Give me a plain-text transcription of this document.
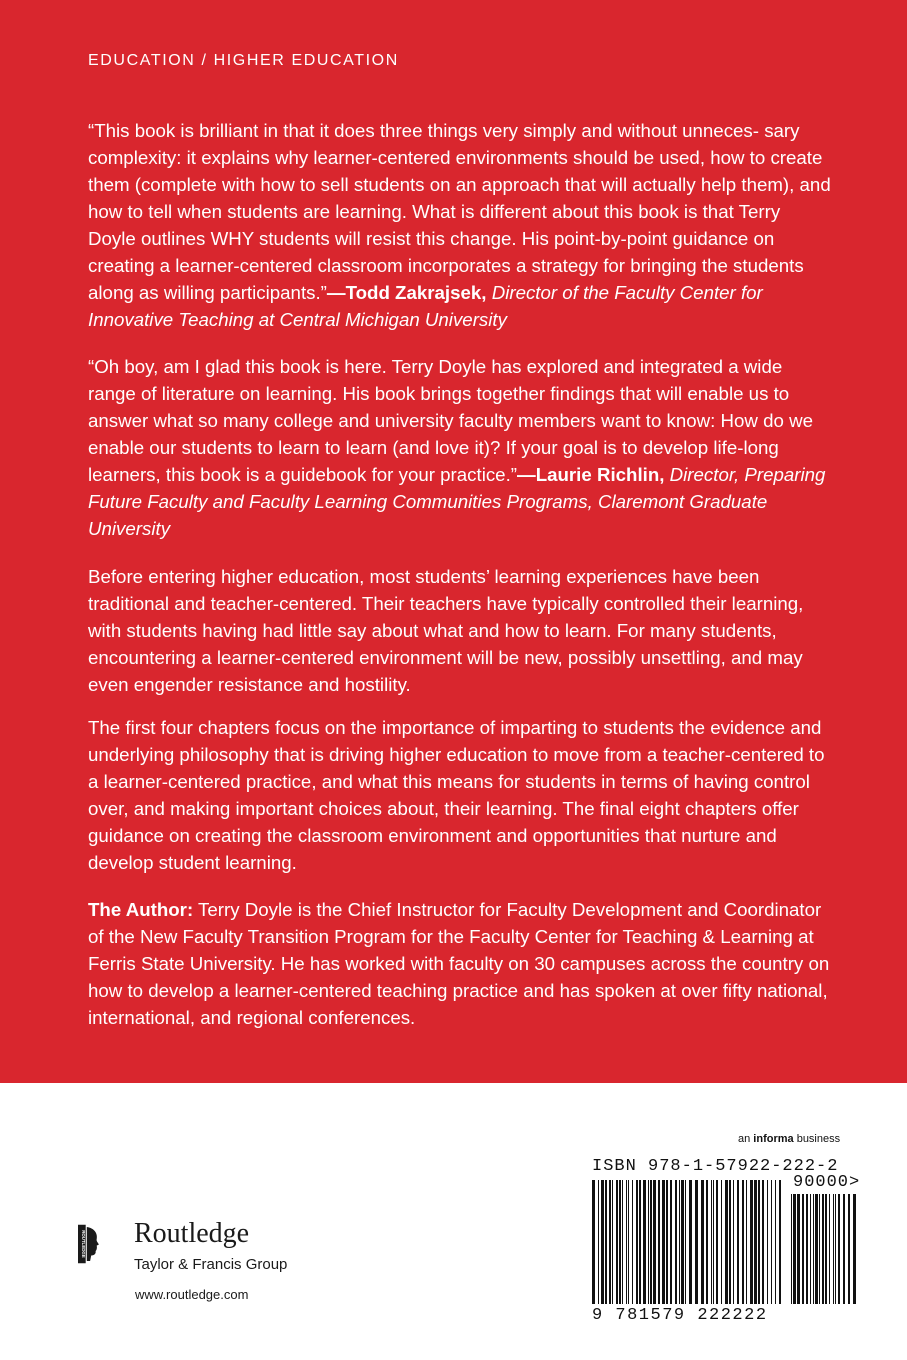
EDUCATION / HIGHER EDUCATION

“This book is brilliant in that it does three things very simply and without unneces- sary complexity: it explains why learner-centered environments should be used, how to create them (complete with how to sell students on an approach that will actually help them), and how to tell when students are learning. What is different about this book is that Terry Doyle outlines WHY students will resist this change. His point-by-point guidance on creating a learner-centered classroom incorporates a strategy for bringing the students along as willing participants.”—Todd Zakrajsek, Director of the Faculty Center for Innovative Teaching at Central Michigan University

“Oh boy, am I glad this book is here. Terry Doyle has explored and integrated a wide range of literature on learning. His book brings together findings that will enable us to answer what so many college and university faculty members want to know: How do we enable our students to learn to learn (and love it)? If your goal is to develop life-long learners, this book is a guidebook for your practice.”—Laurie Richlin, Director, Preparing Future Faculty and Faculty Learning Communities Programs, Claremont Graduate University

Before entering higher education, most students’ learning experiences have been traditional and teacher-centered. Their teachers have typically controlled their learning, with students having had little say about what and how to learn. For many students, encountering a learner-centered environment will be new, possibly unsettling, and may even engender resistance and hostility.

The first four chapters focus on the importance of imparting to students the evidence and underlying philosophy that is driving higher education to move from a teacher-centered to a learner-centered practice, and what this means for students in terms of having control over, and making important choices about, their learning. The final eight chapters offer guidance on creating the classroom environment and opportunities that nurture and develop student learning.

The Author: Terry Doyle is the Chief Instructor for Faculty Development and Coordinator of the New Faculty Transition Program for the Faculty Center for Teaching & Learning at Ferris State University. He has worked with faculty on 30 campuses across the country on how to develop a learner-centered teaching practice and has spoken at over fifty national, international, and regional conferences.

an informa business
ROUTLEDGE Routledge
Taylor & Francis Group
www.routledge.com
ISBN 978-1-57922-222-2
90000>
9 781579 222222
